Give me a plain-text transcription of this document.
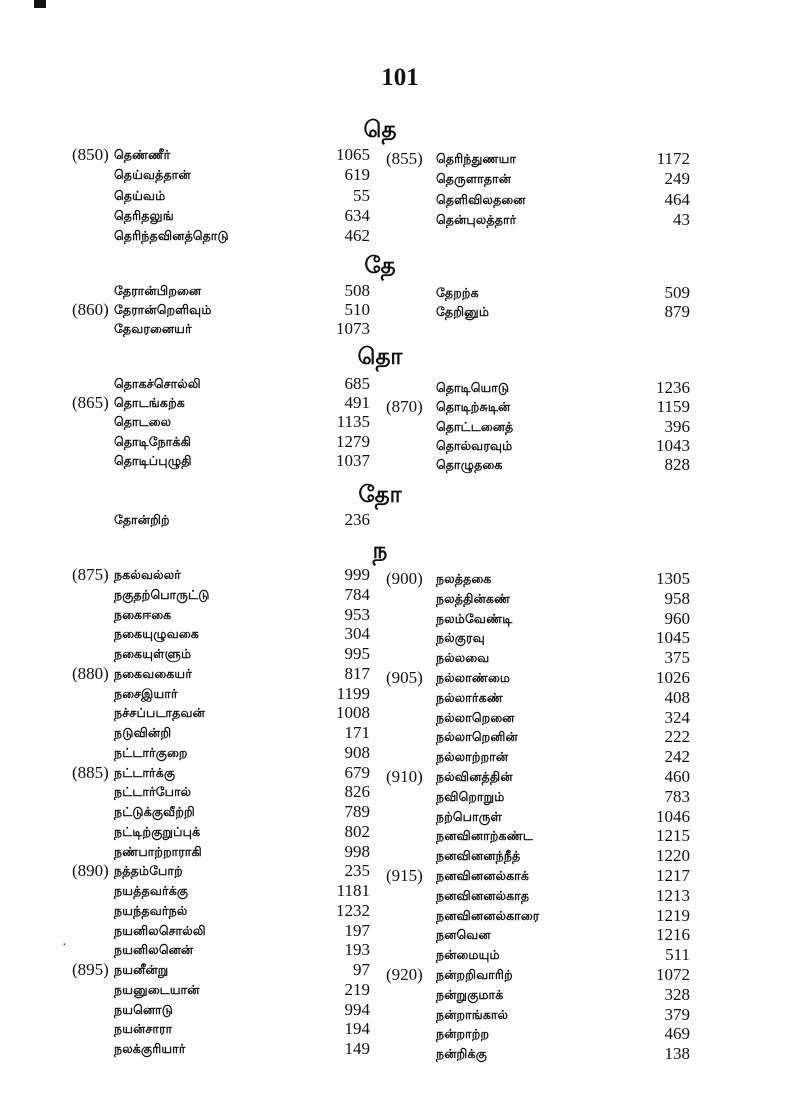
101
தெ
(850) தெண்ணீர்	1065
தெய்வத்தான்	619
தெய்வம்	55
தெரிதலுங்	634
தெரிந்தவினத்தொடு	462
(855) தெரிந்துணயா	1172
தெருளாதான்	249
தெளிவிலதனை	464
தென்புலத்தார்	43
தே
தேரான்பிறனை	508
(860) தேரான்றெளிவும்	510
தேவரனையர்	1073
தேறற்க	509
தேறினும்	879
தொ
தொகச்சொல்லி	685
(865) தொடங்கற்க	491
தொடலை	1135
தொடிநோக்கி	1279
தொடிப்புழுதி	1037
தொடியொடு	1236
(870) தொடிற்சுடின்	1159
தொட்டனைத்	396
தொல்வரவும்	1043
தொழுதகை	828
தோ
தோன்றிற்	236
ந
(875) நகல்வல்லர்	999
நகுதற்பொருட்டு	784
நகைஈகை	953
நகையுழுவகை	304
நகையுள்ளும்	995
(880) நகைவகையர்	817
நசைஇயார்	1199
நச்சப்படாதவன்	1008
நடுவின்றி	171
நட்டார்குறை	908
(885) நட்டார்க்கு	679
நட்டார்போல்	826
நட்டுக்குவீற்றி	789
நட்டிற்குறுப்புக்	802
நண்பாற்றாராகி	998
(890) நத்தம்போற்	235
நயத்தவர்க்கு	1181
நயந்தவர்நல்	1232
நயனிலசொல்லி	197
நயனிலனென்	193
(895) நயனீன்று	97
நயனுடையான்	219
நயனொடு	994
நயன்சாரா	194
நலக்குரியார்	149
(900) நலத்தகை	1305
நலத்தின்கண்	958
நலம்வேண்டி	960
நல்குரவு	1045
நல்லவை	375
(905) நல்லாண்மை	1026
நல்லார்கண்	408
நல்லாறெனை	324
நல்லாறெனின்	222
நல்லாற்றான்	242
(910) நல்வினத்தின்	460
நவிறொறும்	783
நற்பொருள்	1046
நனவினாற்கண்ட	1215
நனவினனந்நீத்	1220
(915) நனவினனல்காக்	1217
நனவினனல்காத	1213
நனவினனல்காரை	1219
நனவென	1216
நன்மையும்	511
(920) நன்றறிவாரிற்	1072
நன்றுகுமாக்	328
நன்றாங்கால்	379
நன்றாற்ற	469
நன்றிக்கு	138
·
